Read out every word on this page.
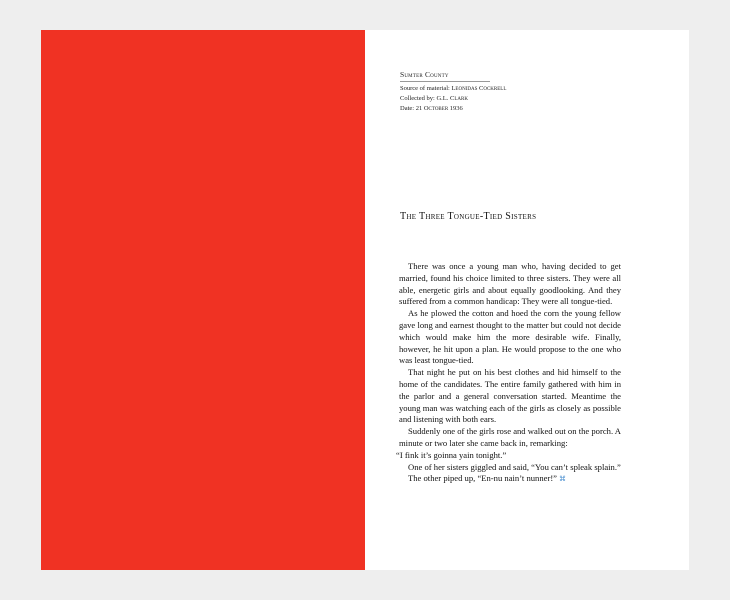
Sumter County
Source of material: Leonidas Cockrell
Collected by: G.L. Clark
Date: 21 October 1936
The Three Tongue-Tied Sisters

There was once a young man who, having decided to get married, found his choice limited to three sisters. They were all able, energetic girls and about equally goodlooking. And they suffered from a common handicap: They were all tongue-tied.

As he plowed the cotton and hoed the corn the young fellow gave long and earnest thought to the matter but could not decide which would make him the more desirable wife. Finally, however, he hit upon a plan. He would propose to the one who was least tongue-tied.

That night he put on his best clothes and hid himself to the home of the candidates. The entire family gathered with him in the parlor and a general conversation started. Meantime the young man was watching each of the girls as closely as possible and listening with both ears.

Suddenly one of the girls rose and walked out on the porch. A minute or two later she came back in, remarking:

“I fink it’s goinna yain tonight.”

One of her sisters giggled and said, “You can’t spleak splain.”

The other piped up, “En-nu nain’t nunner!” ⌘
